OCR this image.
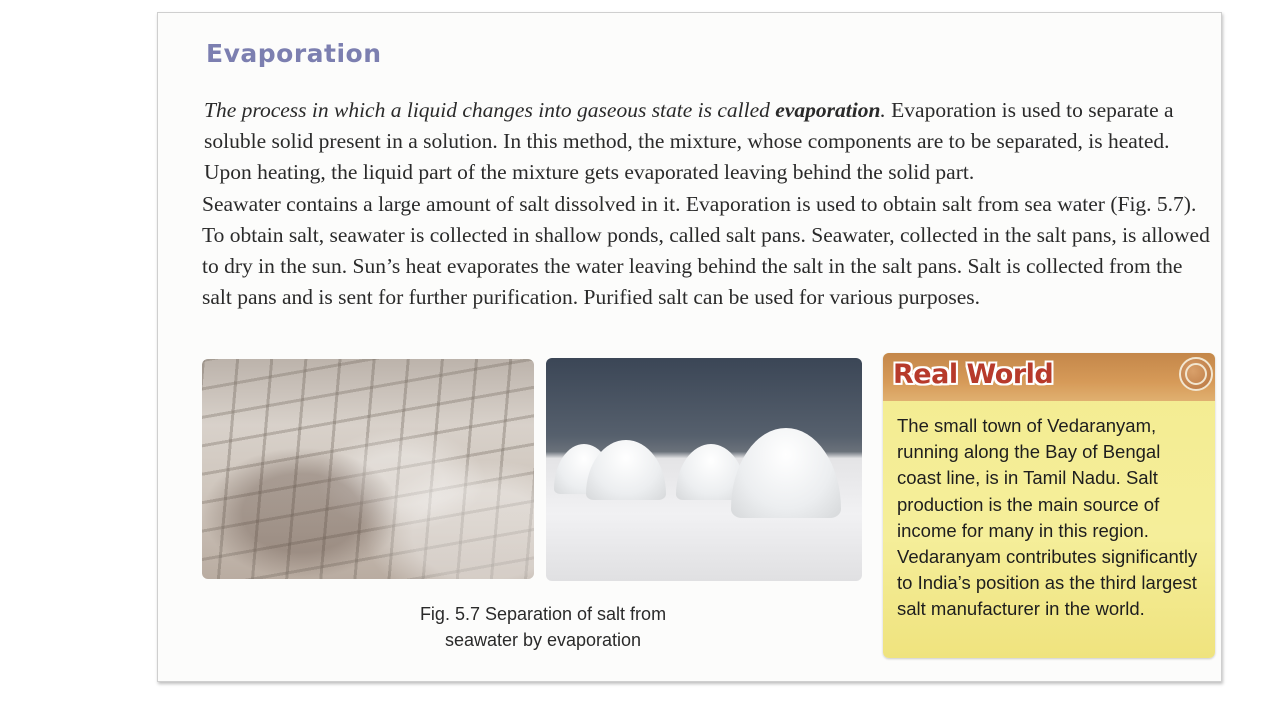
Evaporation

The process in which a liquid changes into gaseous state is called evaporation. Evaporation is used to separate a soluble solid present in a solution. In this method, the mixture, whose components are to be separated, is heated. Upon heating, the liquid part of the mixture gets evaporated leaving behind the solid part.

Seawater contains a large amount of salt dissolved in it. Evaporation is used to obtain salt from sea water (Fig. 5.7). To obtain salt, seawater is collected in shallow ponds, called salt pans. Seawater, collected in the salt pans, is allowed to dry in the sun. Sun’s heat evaporates the water leaving behind the salt in the salt pans. Salt is collected from the salt pans and is sent for further purification. Purified salt can be used for various purposes.

Fig. 5.7 Separation of salt from
seawater by evaporation
Real World

The small town of Vedaranyam, running along the Bay of Bengal coast line, is in Tamil Nadu. Salt production is the main source of income for many in this region. Vedaranyam contributes significantly to India’s position as the third largest salt manufacturer in the world.
